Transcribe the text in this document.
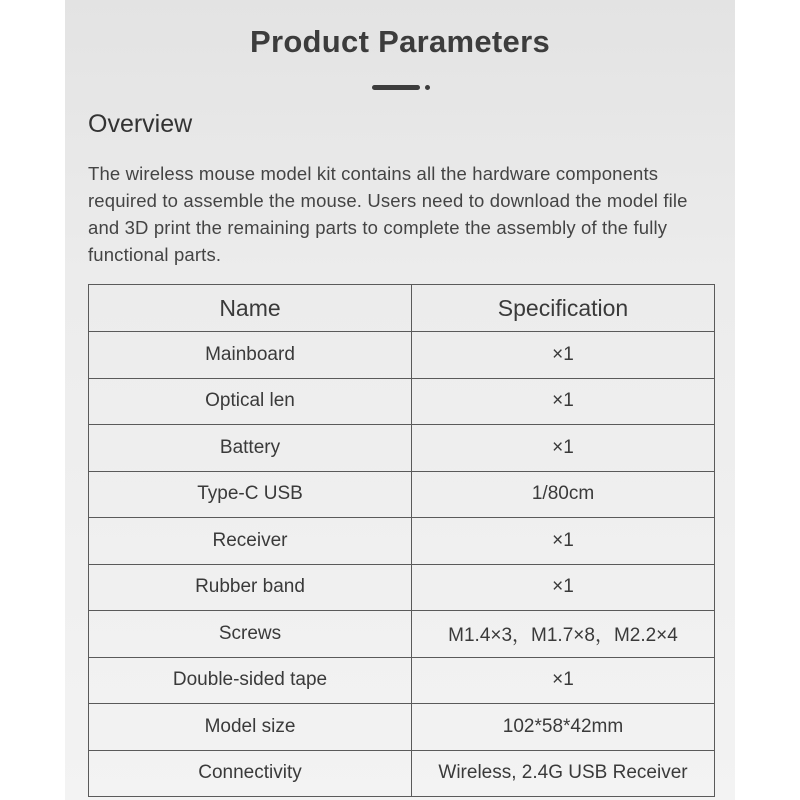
Product Parameters
Overview
The wireless mouse model kit contains all the hardware components required to assemble the mouse. Users need to download the model file and 3D print the remaining parts to complete the assembly of the fully functional parts.
Name	Specification
Mainboard	×1
Optical len	×1
Battery	×1
Type-C USB	1/80cm
Receiver	×1
Rubber band	×1
Screws	M1.4×3，M1.7×8，M2.2×4
Double-sided tape	×1
Model size	102*58*42mm
Connectivity	Wireless, 2.4G USB Receiver
